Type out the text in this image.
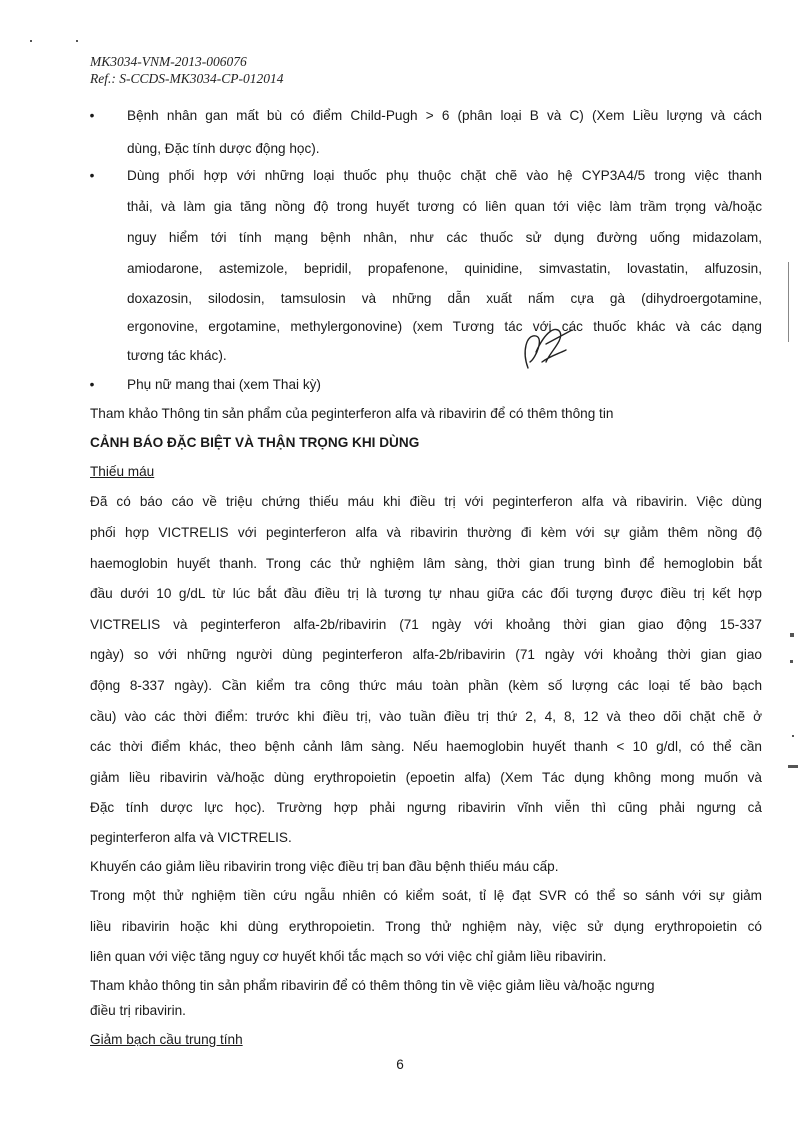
MK3034-VNM-2013-006076
Ref.: S-CCDS-MK3034-CP-012014
Bệnh nhân gan mất bù có điểm Child-Pugh > 6 (phân loại B và C) (Xem Liều lượng và cách
•
dùng, Đặc tính dược động học).
Dùng phối hợp với những loại thuốc phụ thuộc chặt chẽ vào hệ CYP3A4/5 trong việc thanh
•
thải, và làm gia tăng nồng độ trong huyết tương có liên quan tới việc làm trầm trọng và/hoặc
nguy hiểm tới tính mạng bệnh nhân, như các thuốc sử dụng đường uống midazolam,
amiodarone, astemizole, bepridil, propafenone, quinidine, simvastatin, lovastatin, alfuzosin,
doxazosin, silodosin, tamsulosin và những dẫn xuất nấm cựa gà (dihydroergotamine,
ergonovine, ergotamine, methylergonovine) (xem Tương tác với các thuốc khác và các dạng
tương tác khác).
Phụ nữ mang thai (xem Thai kỳ)
•
Tham khảo Thông tin sản phẩm của peginterferon alfa và ribavirin để có thêm thông tin
CẢNH BÁO ĐẶC BIỆT VÀ THẬN TRỌNG KHI DÙNG
Thiếu máu
Đã có báo cáo về triệu chứng thiếu máu khi điều trị với peginterferon alfa và ribavirin. Việc dùng
phối hợp VICTRELIS với peginterferon alfa và ribavirin thường đi kèm với sự giảm thêm nồng độ
haemoglobin huyết thanh. Trong các thử nghiệm lâm sàng, thời gian trung bình để hemoglobin bắt
đầu dưới 10 g/dL từ lúc bắt đầu điều trị là tương tự nhau giữa các đối tượng được điều trị kết hợp
VICTRELIS và peginterferon alfa-2b/ribavirin (71 ngày với khoảng thời gian giao động 15-337
ngày) so với những người dùng peginterferon alfa-2b/ribavirin (71 ngày với khoảng thời gian giao
động 8-337 ngày). Cần kiểm tra công thức máu toàn phần (kèm số lượng các loại tế bào bạch
cầu) vào các thời điểm: trước khi điều trị, vào tuần điều trị thứ 2, 4, 8, 12 và theo dõi chặt chẽ ở
các thời điểm khác, theo bệnh cảnh lâm sàng. Nếu haemoglobin huyết thanh < 10 g/dl, có thể cần
giảm liều ribavirin và/hoặc dùng erythropoietin (epoetin alfa) (Xem Tác dụng không mong muốn và
Đặc tính dược lực học). Trường hợp phải ngưng ribavirin vĩnh viễn thì cũng phải ngưng cả
peginterferon alfa và VICTRELIS.
Khuyến cáo giảm liều ribavirin trong việc điều trị ban đầu bệnh thiếu máu cấp.
Trong một thử nghiệm tiền cứu ngẫu nhiên có kiểm soát, tỉ lệ đạt SVR có thể so sánh với sự giảm
liều ribavirin hoặc khi dùng erythropoietin. Trong thử nghiệm này, việc sử dụng erythropoietin có
liên quan với việc tăng nguy cơ huyết khối tắc mạch so với việc chỉ giảm liều ribavirin.
Tham khảo thông tin sản phẩm ribavirin để có thêm thông tin về việc giảm liều và/hoặc ngưng
điều trị ribavirin.
Giảm bạch cầu trung tính
6
